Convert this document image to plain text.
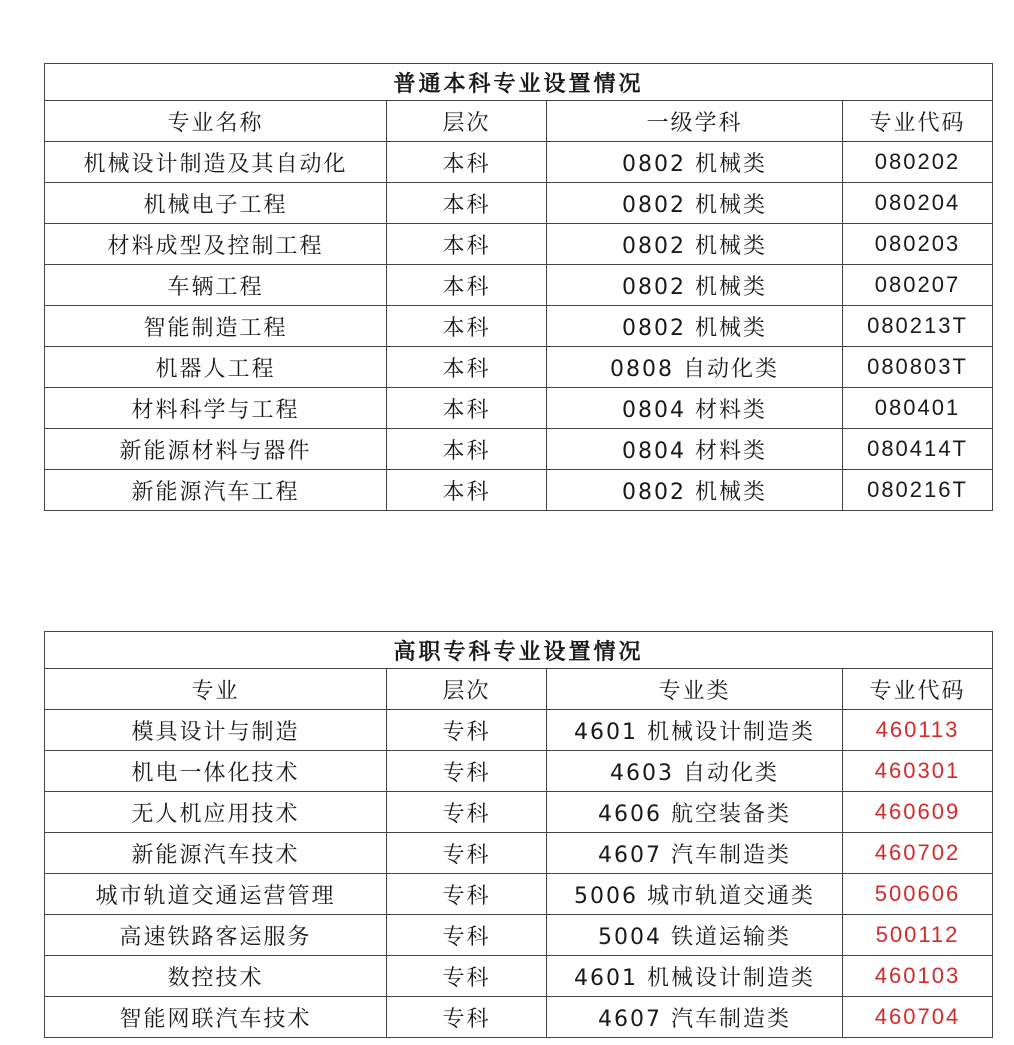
普通本科专业设置情况			
专业名称	层次	一级学科	专业代码
机械设计制造及其自动化	本科	0802 机械类	080202
机械电子工程	本科	0802 机械类	080204
材料成型及控制工程	本科	0802 机械类	080203
车辆工程	本科	0802 机械类	080207
智能制造工程	本科	0802 机械类	080213T
机器人工程	本科	0808 自动化类	080803T
材料科学与工程	本科	0804 材料类	080401
新能源材料与器件	本科	0804 材料类	080414T
新能源汽车工程	本科	0802 机械类	080216T
高职专科专业设置情况			
专业	层次	专业类	专业代码
模具设计与制造	专科	4601 机械设计制造类	460113
机电一体化技术	专科	4603 自动化类	460301
无人机应用技术	专科	4606 航空装备类	460609
新能源汽车技术	专科	4607 汽车制造类	460702
城市轨道交通运营管理	专科	5006 城市轨道交通类	500606
高速铁路客运服务	专科	5004 铁道运输类	500112
数控技术	专科	4601 机械设计制造类	460103
智能网联汽车技术	专科	4607 汽车制造类	460704
